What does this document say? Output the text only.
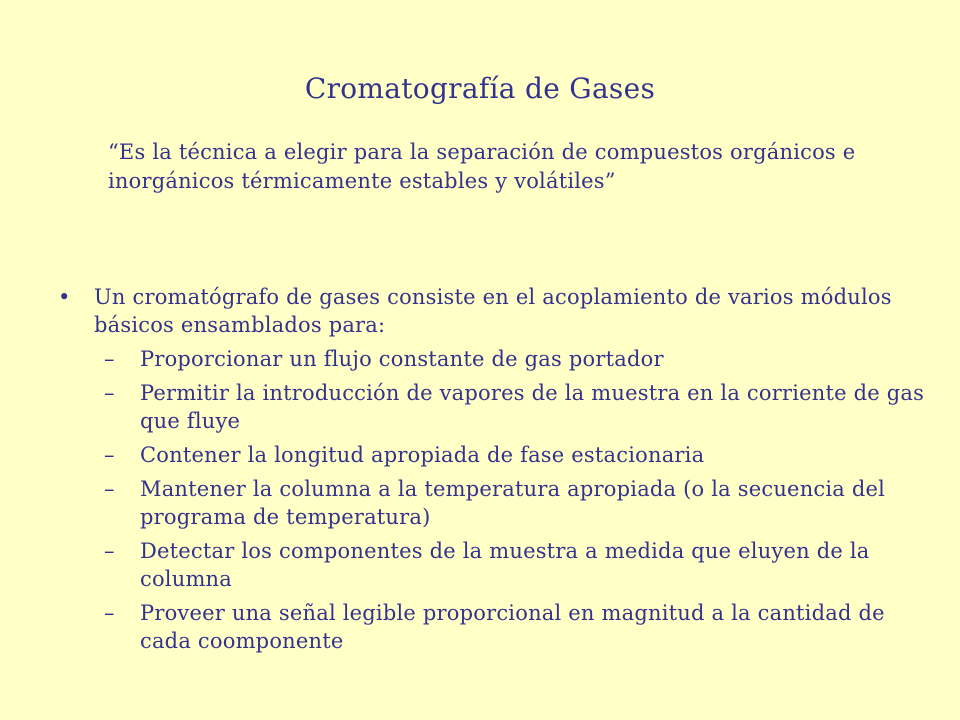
Cromatografía de Gases
“Es la técnica a elegir para la separación de compuestos orgánicos e inorgánicos térmicamente estables y volátiles”
•	Un cromatógrafo de gases consiste en el acoplamiento de varios módulos básicos ensamblados para:
–	Proporcionar un flujo constante de gas portador
–	Permitir la introducción de vapores de la muestra en la corriente de gas que fluye
–	Contener la longitud apropiada de fase estacionaria
–	Mantener la columna a la temperatura apropiada (o la secuencia del programa de temperatura)
–	Detectar los componentes de la muestra a medida que eluyen de la columna
–	Proveer una señal legible proporcional en magnitud a la cantidad de cada coomponente
